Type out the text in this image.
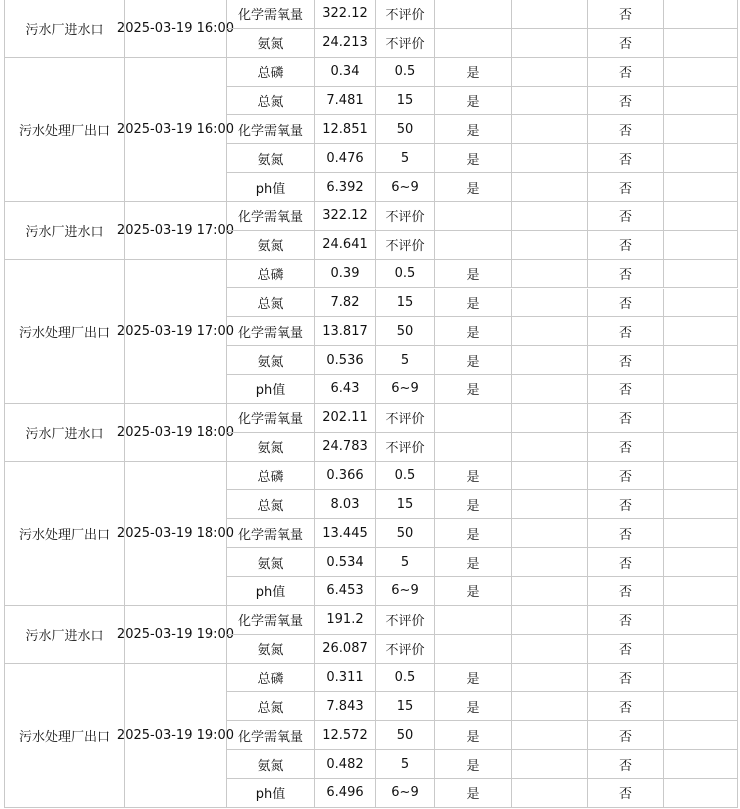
污水厂进水口 2025-03-19 16:00
化学需氧量 322.12 不评价	否
氨氮	24.213 不评价	否
污水处理厂出口 2025-03-19 16:00
总磷	0.34	0.5	是	否
总氮	7.481	15	是	否
化学需氧量 12.851 50	是	否
氨氮	0.476	5	是	否
ph值	6.392 6~9	是	否
污水厂进水口 2025-03-19 17:00
化学需氧量 322.12 不评价	否
氨氮	24.641 不评价	否
污水处理厂出口 2025-03-19 17:00
总磷	0.39	0.5	是	否
总氮	7.82	15	是	否
化学需氧量 13.817 50	是	否
氨氮	0.536	5	是	否
ph值	6.43 6~9	是	否
污水厂进水口 2025-03-19 18:00
化学需氧量 202.11 不评价	否
氨氮	24.783 不评价	否
污水处理厂出口 2025-03-19 18:00
总磷	0.366 0.5	是	否
总氮	8.03	15	是	否
化学需氧量 13.445 50	是	否
氨氮	0.534	5	是	否
ph值	6.453 6~9	是	否
污水厂进水口 2025-03-19 19:00
化学需氧量 191.2 不评价	否
氨氮	26.087 不评价	否
污水处理厂出口 2025-03-19 19:00
总磷	0.311 0.5	是	否
总氮	7.843	15	是	否
化学需氧量 12.572 50	是	否
氨氮	0.482	5	是	否
ph值	6.496 6~9	是	否
